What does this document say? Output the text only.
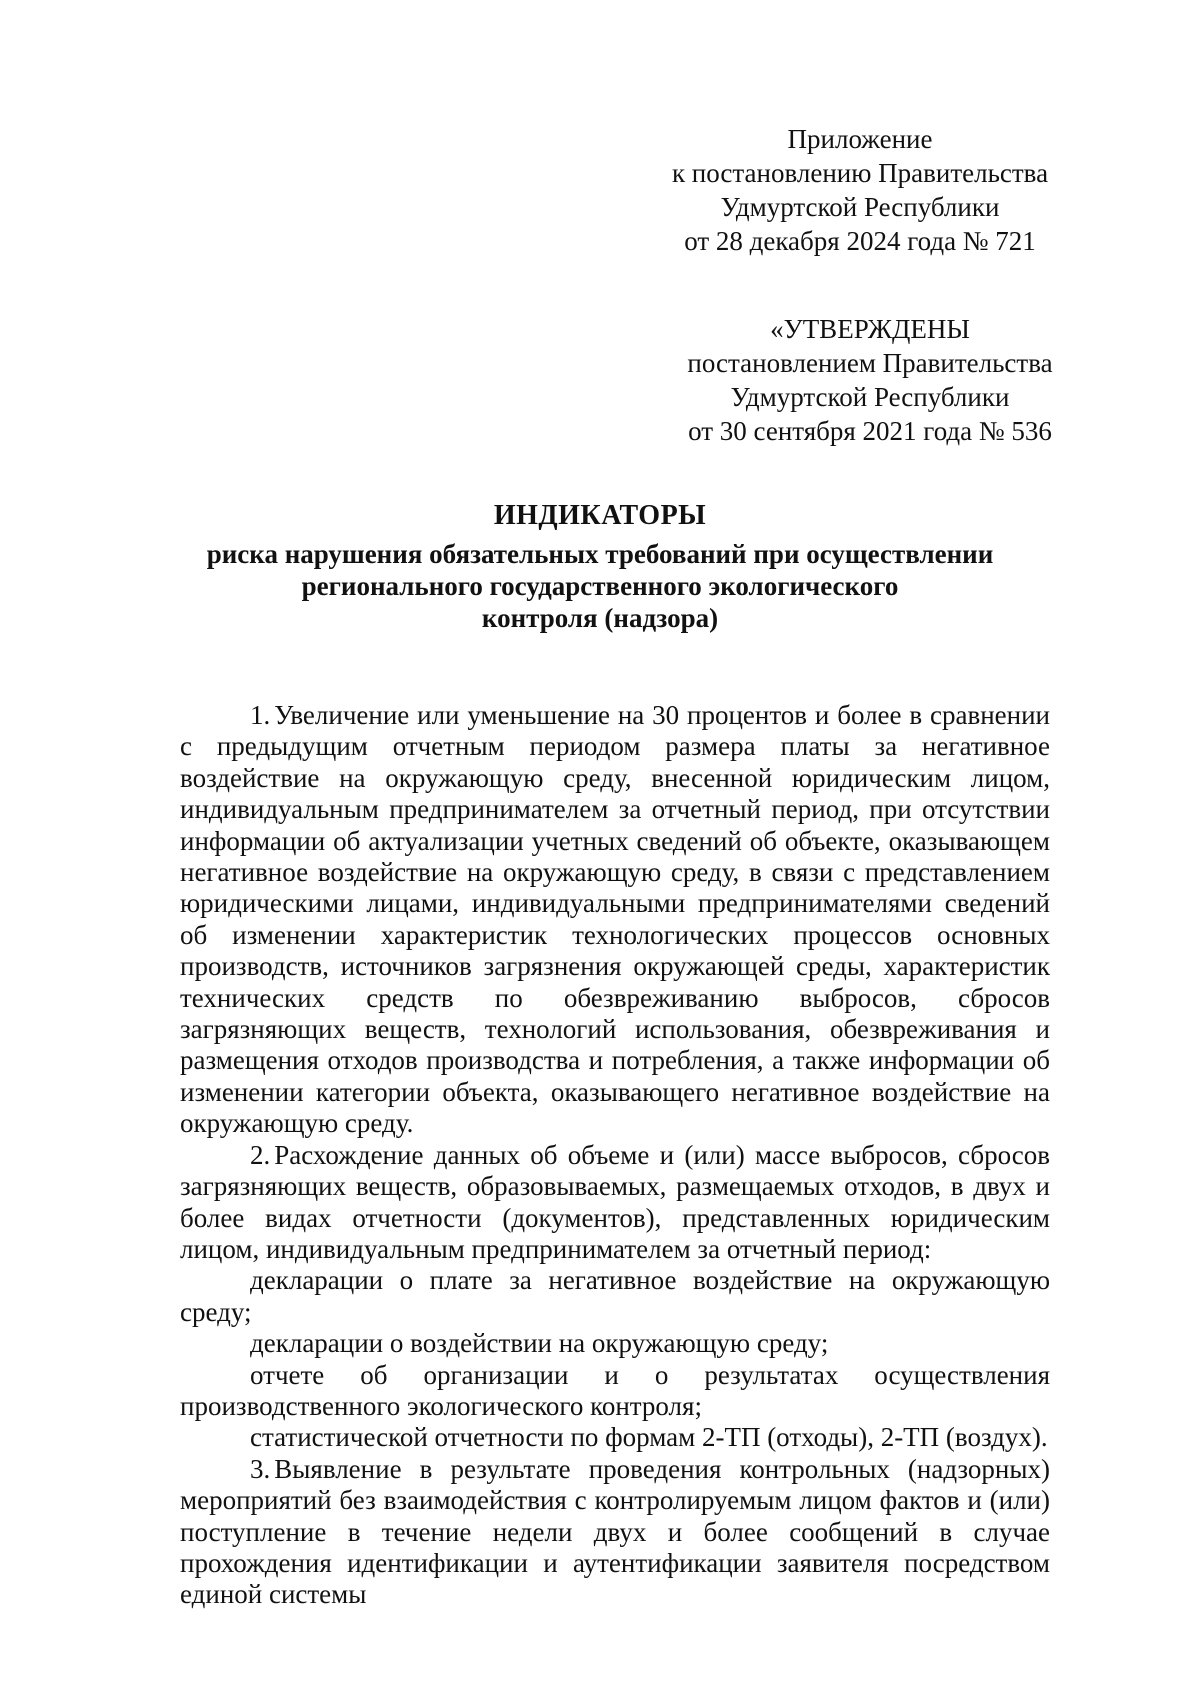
Приложение
к постановлению Правительства
Удмуртской Республики
от 28 декабря 2024 года № 721
«УТВЕРЖДЕНЫ
постановлением Правительства
Удмуртской Республики
от 30 сентября 2021 года № 536
ИНДИКАТОРЫ
риска нарушения обязательных требований при осуществлении
регионального государственного экологического
контроля (надзора)

1. Увеличение или уменьшение на 30 процентов и более в сравнении с предыдущим отчетным периодом размера платы за негативное воздействие на окружающую среду, внесенной юридическим лицом, индивидуальным предпринимателем за отчетный период, при отсутствии информации об актуализации учетных сведений об объекте, оказывающем негативное воздействие на окружающую среду, в связи с представлением юридическими лицами, индивидуальными предпринимателями сведений об изменении характеристик технологических процессов основных производств, источников загрязнения окружающей среды, характеристик технических средств по обезвреживанию выбросов, сбросов загрязняющих веществ, технологий использования, обезвреживания и размещения отходов производства и потребления, а также информации об изменении категории объекта, оказывающего негативное воздействие на окружающую среду.

2. Расхождение данных об объеме и (или) массе выбросов, сбросов загрязняющих веществ, образовываемых, размещаемых отходов, в двух и более видах отчетности (документов), представленных юридическим лицом, индивидуальным предпринимателем за отчетный период:

декларации о плате за негативное воздействие на окружающую среду;

декларации о воздействии на окружающую среду;

отчете об организации и о результатах осуществления производственного экологического контроля;

статистической отчетности по формам 2-ТП (отходы), 2-ТП (воздух).

3. Выявление в результате проведения контрольных (надзорных) мероприятий без взаимодействия с контролируемым лицом фактов и (или) поступление в течение недели двух и более сообщений в случае прохождения идентификации и аутентификации заявителя посредством единой системы
